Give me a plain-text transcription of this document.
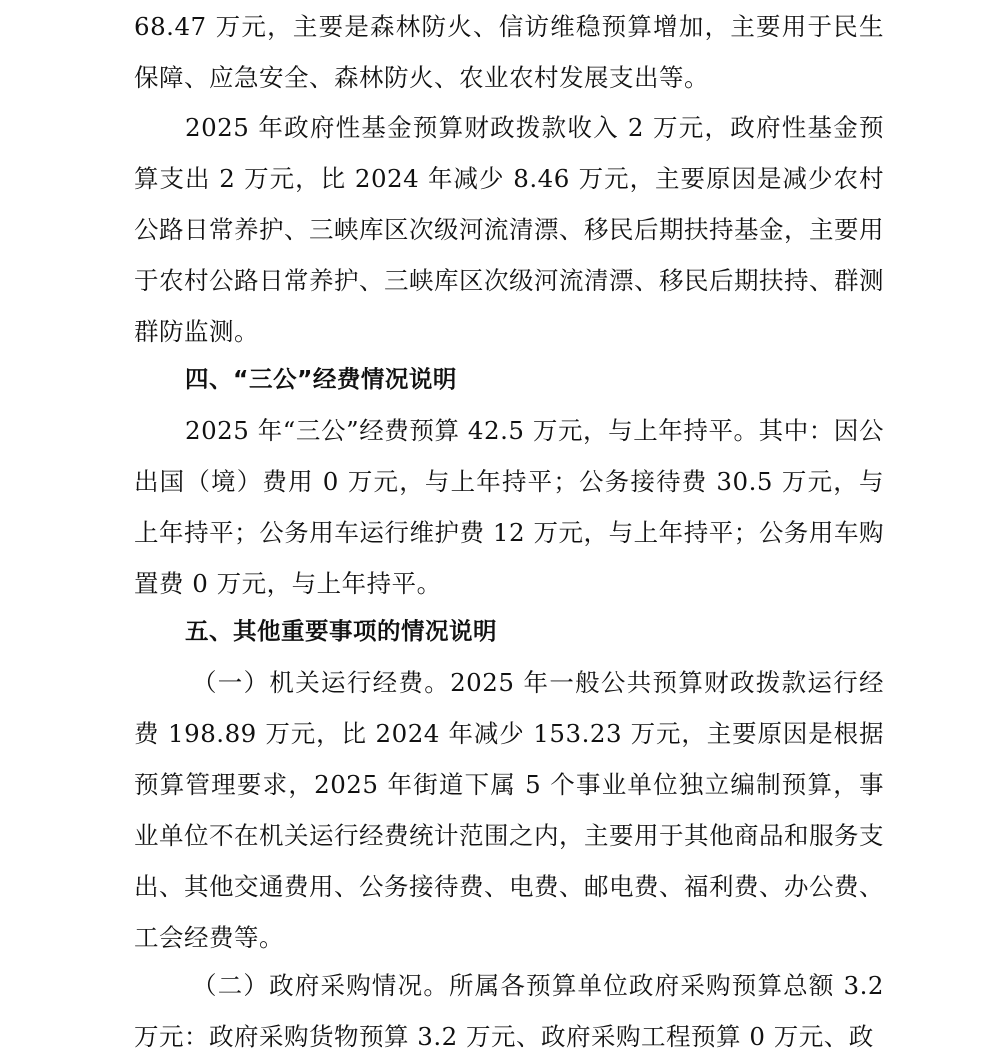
68.47 万元，主要是森林防火、信访维稳预算增加，主要用于民生保障、应急安全、森林防火、农业农村发展支出等。

2025 年政府性基金预算财政拨款收入 2 万元，政府性基金预算支出 2 万元，比 2024 年减少 8.46 万元，主要原因是减少农村公路日常养护、三峡库区次级河流清漂、移民后期扶持基金，主要用于农村公路日常养护、三峡库区次级河流清漂、移民后期扶持、群测群防监测。

四、“三公”经费情况说明

2025 年“三公”经费预算 42.5 万元，与上年持平。其中：因公出国（境）费用 0 万元，与上年持平；公务接待费 30.5 万元，与上年持平；公务用车运行维护费 12 万元，与上年持平；公务用车购置费 0 万元，与上年持平。

五、其他重要事项的情况说明

（一）机关运行经费。2025 年一般公共预算财政拨款运行经费 198.89 万元，比 2024 年减少 153.23 万元，主要原因是根据预算管理要求，2025 年街道下属 5 个事业单位独立编制预算，事业单位不在机关运行经费统计范围之内，主要用于其他商品和服务支出、其他交通费用、公务接待费、电费、邮电费、福利费、办公费、工会经费等。

（二）政府采购情况。所属各预算单位政府采购预算总额 3.2 万元：政府采购货物预算 3.2 万元、政府采购工程预算 0 万元、政
